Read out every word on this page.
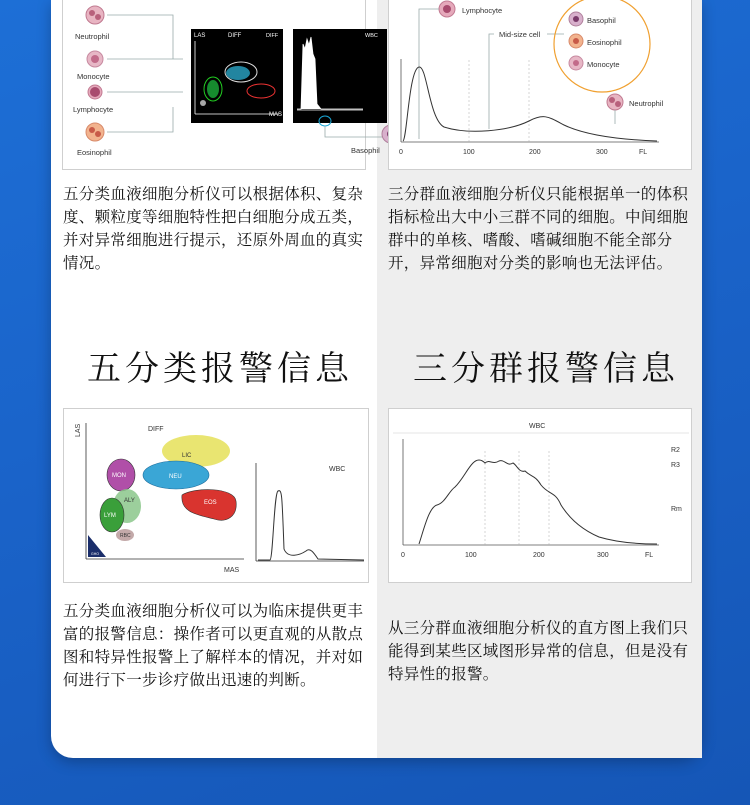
Neutrophil
Monocyte
Lymphocyte
Eosinophil
LAS	DIFF	DIFF
MAS
WBC
Basophil
Lymphocyte
Mid-size cell
Basophil
Eosinophil
Monocyte
Neutrophil
0	100	200	300	FL
五分类血液细胞分析仪可以根据体积、复杂度、颗粒度等细胞特性把白细胞分成五类，并对异常细胞进行提示，还原外周血的真实情况。
三分群血液细胞分析仪只能根据单一的体积指标检出大中小三群不同的细胞。中间细胞群中的单核、嗜酸、嗜碱细胞不能全部分开，异常细胞对分类的影响也无法评估。
五分类报警信息 三分群报警信息
LAS	DIFF
LIC
MON	NEU
ALY	EOS
LYM
RBC
GHO
MAS
WBC
WBC
R2
R3
Rm
0	100	200	300	FL
五分类血液细胞分析仪可以为临床提供更丰富的报警信息：操作者可以更直观的从散点图和特异性报警上了解样本的情况，并对如何进行下一步诊疗做出迅速的判断。
从三分群血液细胞分析仪的直方图上我们只能得到某些区域图形异常的信息，但是没有特异性的报警。
